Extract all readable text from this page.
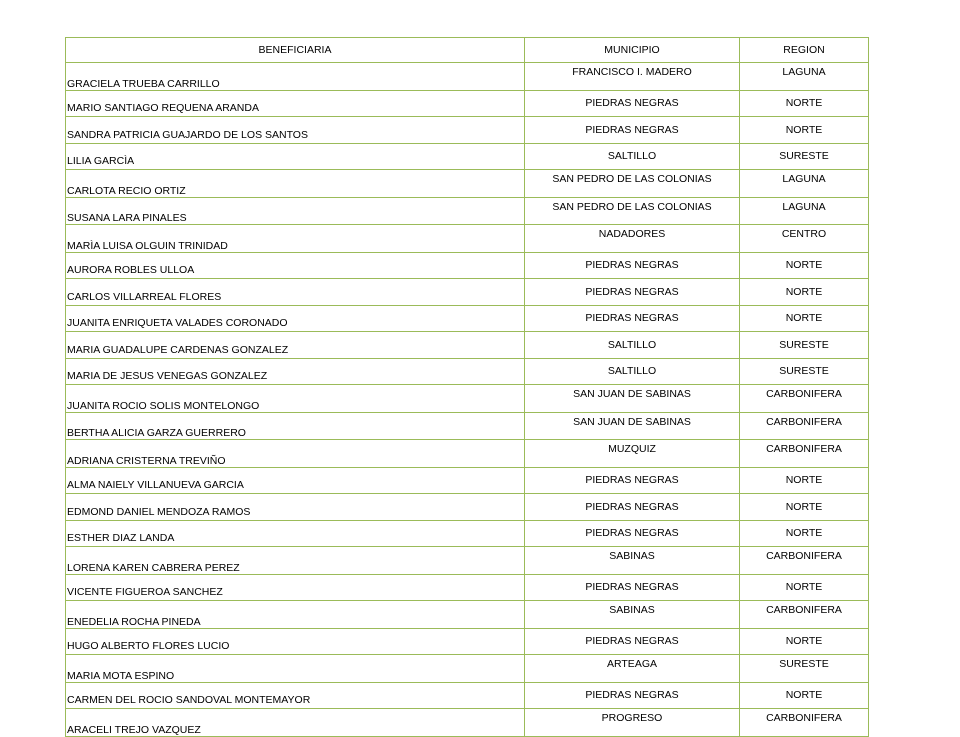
BENEFICIARIA	MUNICIPIO	REGION
GRACIELA TRUEBA CARRILLO	FRANCISCO I. MADERO	LAGUNA
MARIO SANTIAGO REQUENA ARANDA	PIEDRAS NEGRAS	NORTE
SANDRA PATRICIA GUAJARDO DE LOS SANTOS	PIEDRAS NEGRAS	NORTE
LILIA GARCÌA	SALTILLO	SURESTE
CARLOTA RECIO ORTIZ	SAN PEDRO DE LAS COLONIAS	LAGUNA
SUSANA LARA PINALES	SAN PEDRO DE LAS COLONIAS	LAGUNA
MARÌA LUISA OLGUIN TRINIDAD	NADADORES	CENTRO
AURORA ROBLES ULLOA	PIEDRAS NEGRAS	NORTE
CARLOS VILLARREAL FLORES	PIEDRAS NEGRAS	NORTE
JUANITA ENRIQUETA VALADES CORONADO	PIEDRAS NEGRAS	NORTE
MARIA GUADALUPE CARDENAS GONZALEZ	SALTILLO	SURESTE
MARIA DE JESUS VENEGAS GONZALEZ	SALTILLO	SURESTE
JUANITA ROCIO SOLIS MONTELONGO	SAN JUAN DE SABINAS	CARBONIFERA
BERTHA ALICIA GARZA GUERRERO	SAN JUAN DE SABINAS	CARBONIFERA
ADRIANA CRISTERNA TREVIÑO	MUZQUIZ	CARBONIFERA
ALMA NAIELY VILLANUEVA GARCIA	PIEDRAS NEGRAS	NORTE
EDMOND DANIEL MENDOZA RAMOS	PIEDRAS NEGRAS	NORTE
ESTHER DIAZ LANDA	PIEDRAS NEGRAS	NORTE
LORENA KAREN CABRERA PEREZ	SABINAS	CARBONIFERA
VICENTE FIGUEROA SANCHEZ	PIEDRAS NEGRAS	NORTE
ENEDELIA ROCHA PINEDA	SABINAS	CARBONIFERA
HUGO ALBERTO FLORES LUCIO	PIEDRAS NEGRAS	NORTE
MARIA MOTA ESPINO	ARTEAGA	SURESTE
CARMEN DEL ROCIO SANDOVAL MONTEMAYOR	PIEDRAS NEGRAS	NORTE
ARACELI TREJO VAZQUEZ	PROGRESO	CARBONIFERA
